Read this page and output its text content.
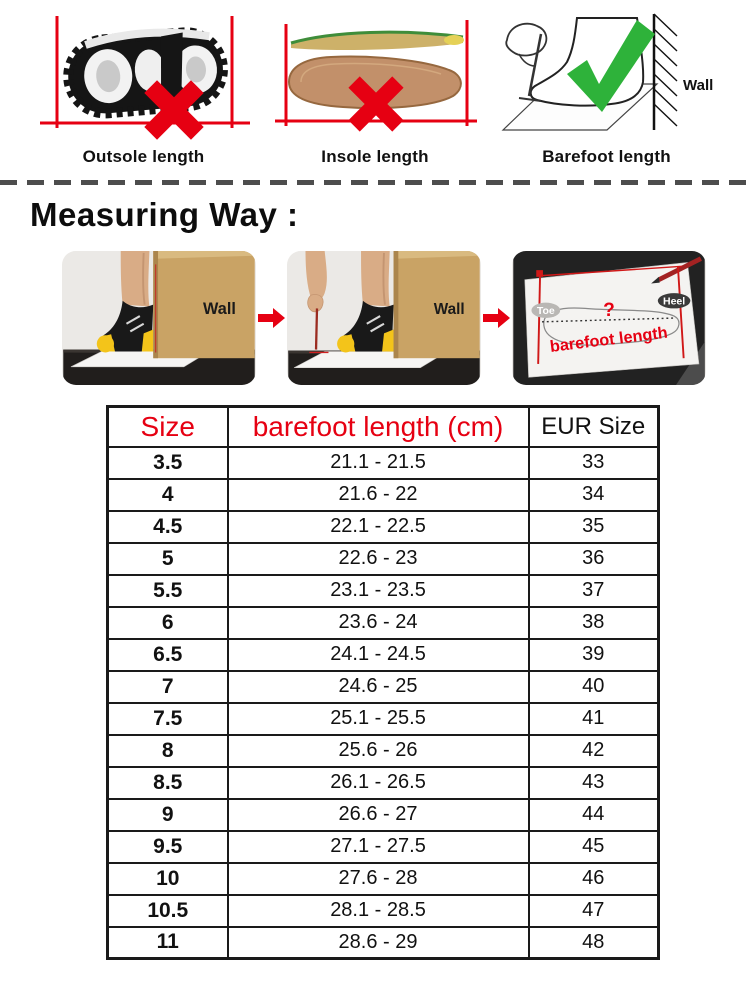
Outsole length	Insole length
Wall
Barefoot length
Measuring Way :
Wall	Wall	Toe
Heel
?
barefoot length
Size	barefoot length (cm)	EUR Size
3.5	21.1 - 21.5	33
4	21.6 - 22	34
4.5	22.1 - 22.5	35
5	22.6 - 23	36
5.5	23.1 - 23.5	37
6	23.6 - 24	38
6.5	24.1 - 24.5	39
7	24.6 - 25	40
7.5	25.1 - 25.5	41
8	25.6 - 26	42
8.5	26.1 - 26.5	43
9	26.6 - 27	44
9.5	27.1 - 27.5	45
10	27.6 - 28	46
10.5	28.1 - 28.5	47
11	28.6 - 29	48
